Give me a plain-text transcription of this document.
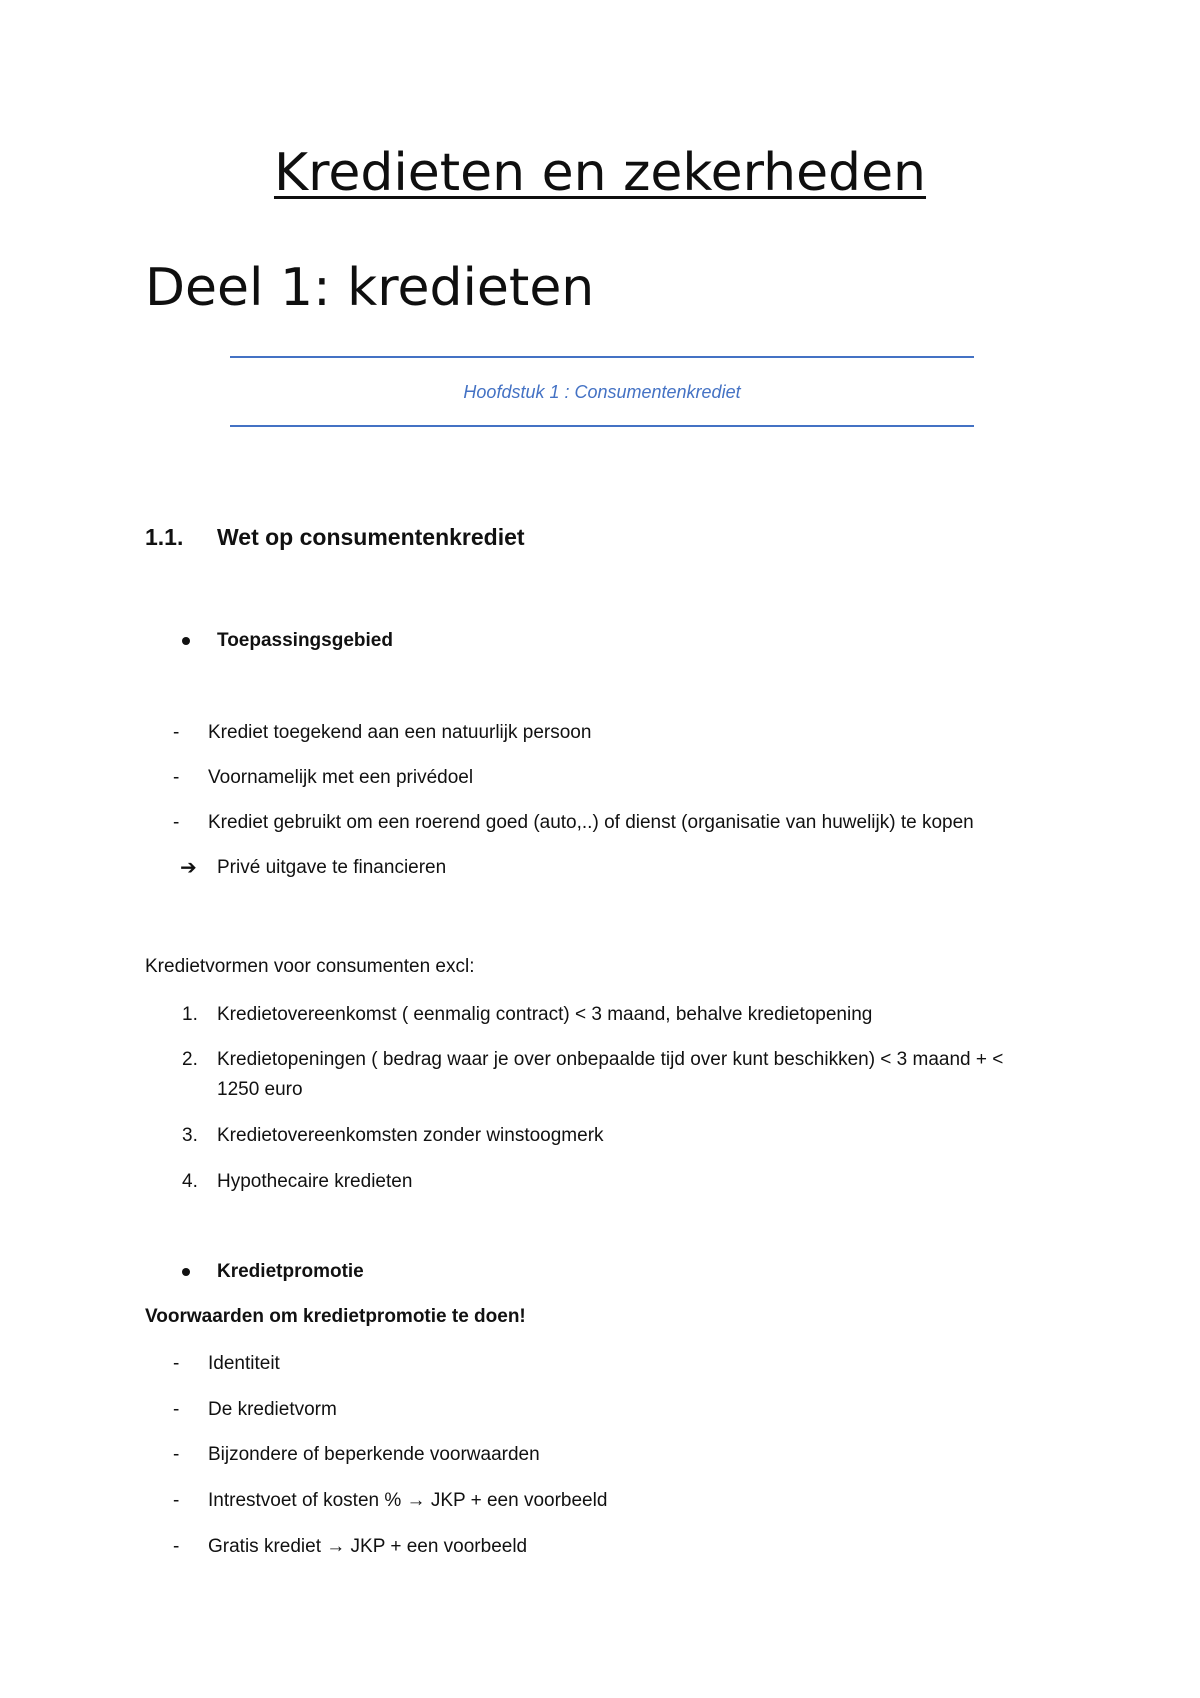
Kredieten en zekerheden
Deel 1: kredieten
Hoofdstuk 1 : Consumentenkrediet
1.1. Wet op consumentenkrediet
Toepassingsgebied
- Krediet toegekend aan een natuurlijk persoon
- Voornamelijk met een privédoel
- Krediet gebruikt om een roerend goed (auto,..) of dienst (organisatie van huwelijk) te kopen
➔ Privé uitgave te financieren
Kredietvormen voor consumenten excl:
1. Kredietovereenkomst ( eenmalig contract) < 3 maand, behalve kredietopening
2. Kredietopeningen ( bedrag waar je over onbepaalde tijd over kunt beschikken) < 3 maand + <
1250 euro
3. Kredietovereenkomsten zonder winstoogmerk
4. Hypothecaire kredieten
Kredietpromotie
Voorwaarden om kredietpromotie te doen!
- Identiteit
- De kredietvorm
- Bijzondere of beperkende voorwaarden
- Intrestvoet of kosten % → JKP + een voorbeeld
- Gratis krediet → JKP + een voorbeeld
